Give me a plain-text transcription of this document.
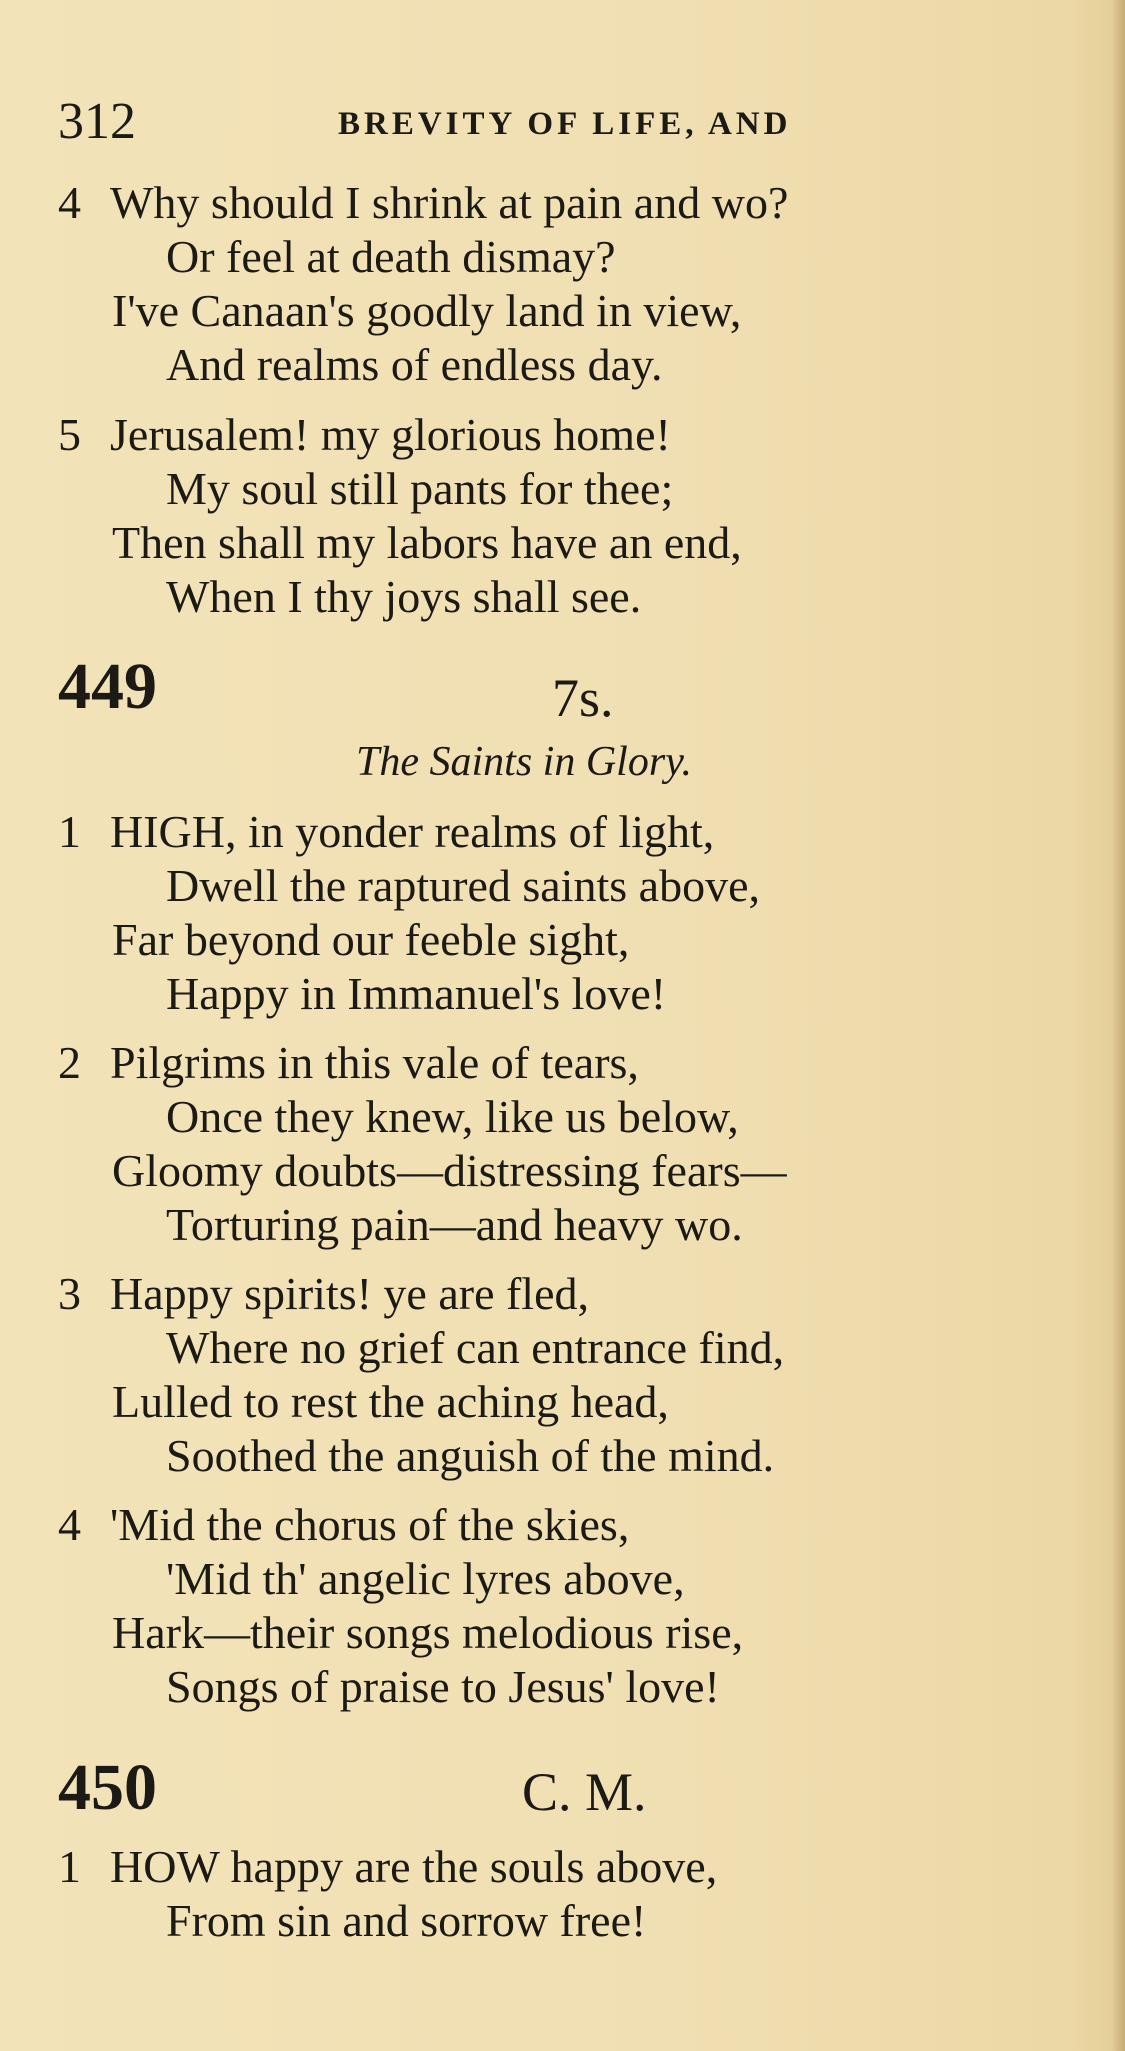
312	BREVITY OF LIFE, AND
4 Why should I shrink at pain and wo?
Or feel at death dismay?
I've Canaan's goodly land in view,
And realms of endless day.
5 Jerusalem! my glorious home!
My soul still pants for thee;
Then shall my labors have an end,
When I thy joys shall see.
449	7s.
The Saints in Glory.
1 HIGH, in yonder realms of light,
Dwell the raptured saints above,
Far beyond our feeble sight,
Happy in Immanuel's love!
2 Pilgrims in this vale of tears,
Once they knew, like us below,
Gloomy doubts—distressing fears—
Torturing pain—and heavy wo.
3 Happy spirits! ye are fled,
Where no grief can entrance find,
Lulled to rest the aching head,
Soothed the anguish of the mind.
4 'Mid the chorus of the skies,
'Mid th' angelic lyres above,
Hark—their songs melodious rise,
Songs of praise to Jesus' love!
450	C. M.
1 HOW happy are the souls above,
From sin and sorrow free!
